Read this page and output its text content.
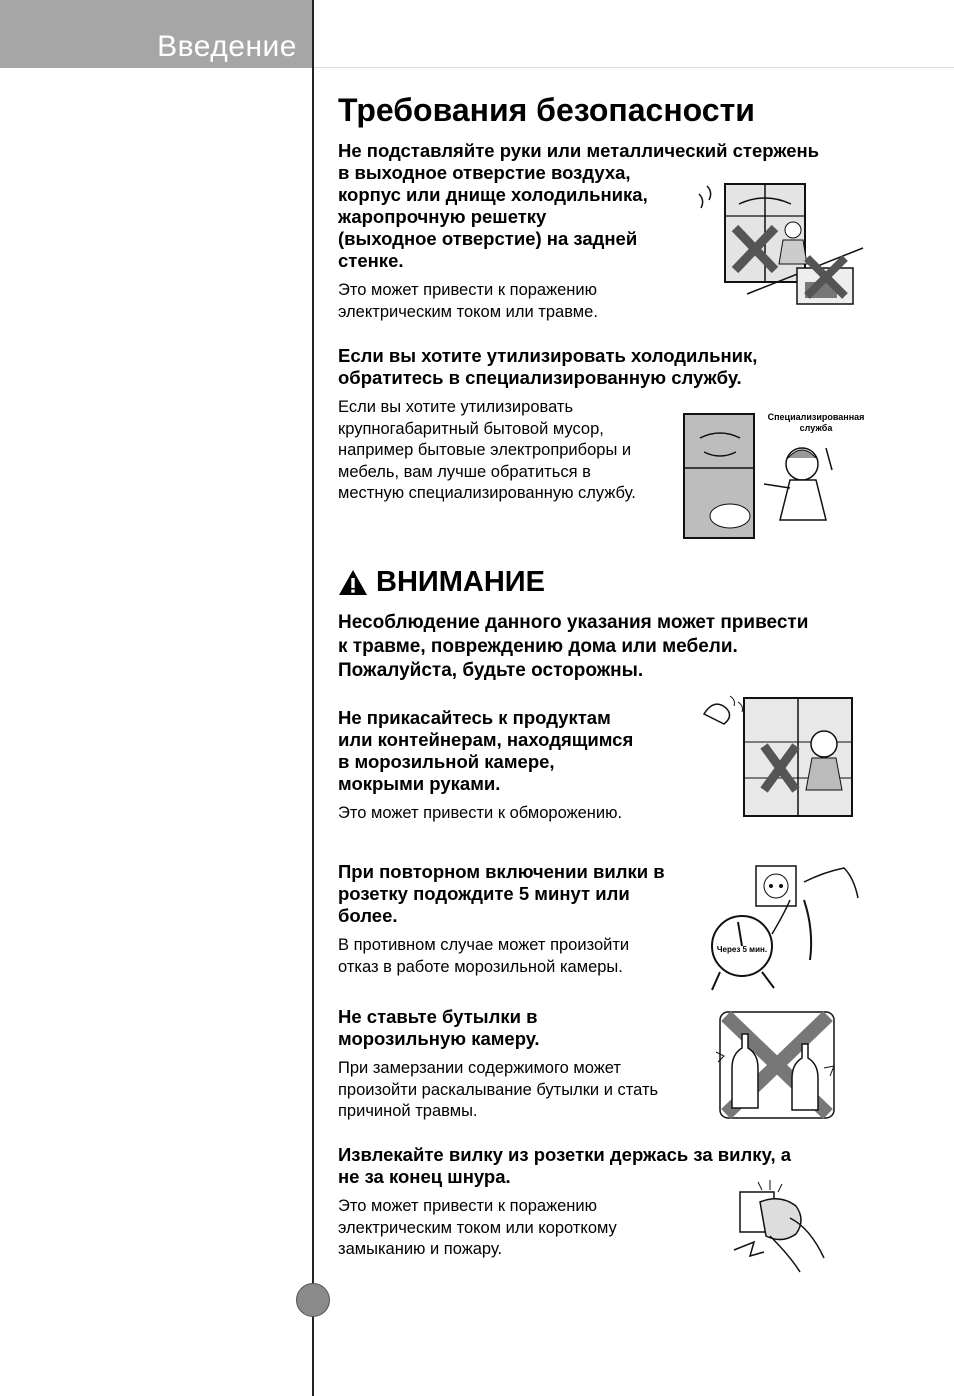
Введение
Требования безопасности
Не подставляйте руки или металлический стержень
в выходное отверстие воздуха,
корпус или днище холодильника,
жаропрочную решетку
(выходное отверстие) на задней
стенке.
Это может привести к поражению
электрическим током или травме.
Если вы хотите утилизировать холодильник,
обратитесь в специализированную службу.
Если вы хотите утилизировать
крупногабаритный бытовой мусор,
например бытовые электроприборы и
мебель, вам лучше обратиться в
местную специализированную службу.
Специализированная
служба
ВНИМАНИЕ
Несоблюдение данного указания может привести
к травме, повреждению дома или мебели.
Пожалуйста, будьте осторожны.
Не прикасайтесь к продуктам
или контейнерам, находящимся
в морозильной камере,
мокрыми руками.
Это может привести к обморожению.
При повторном включении вилки в
розетку подождите 5 минут или
более.
В противном случае может произойти
отказ в работе морозильной камеры.
Через 5 мин.
Не ставьте бутылки в
морозильную камеру.
При замерзании содержимого может
произойти раскалывание бутылки и стать
причиной травмы.
Извлекайте вилку из розетки держась за вилку, а
не за конец шнура.
Это может привести к поражению
электрическим током или короткому
замыканию и пожару.
